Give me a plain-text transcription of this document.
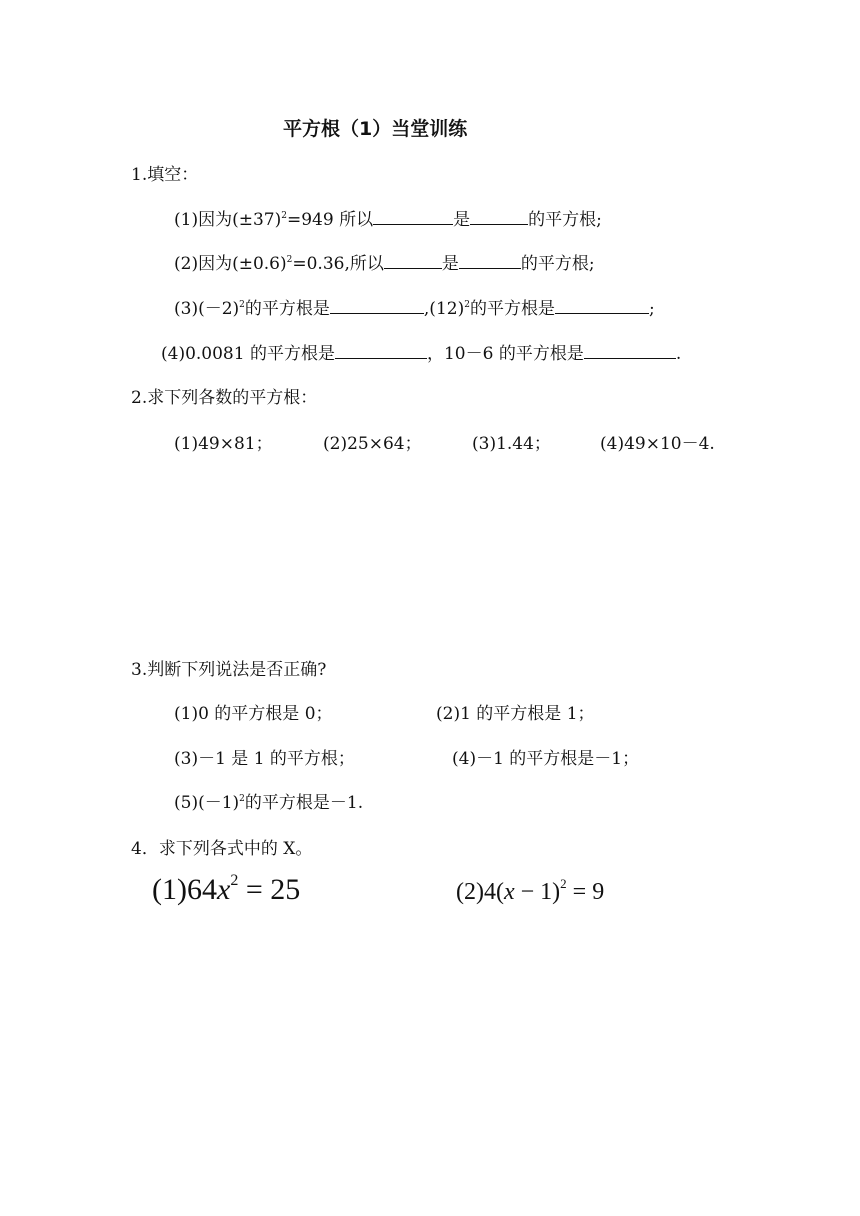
平方根（1）当堂训练
1.填空：
(1)因为$(\pm 37)^2=949$ 所以	是	的平方根;
(2)因为$(\pm 0.6)^2=0.36$,所以	是	的平方根;
$(3)(-2)^2$的平方根是	$,(12)^2$的平方根是	;
(4)0.0081 的平方根是	，10－6 的平方根是	.
2.求下列各数的平方根：
(1)49×81；	(2)25×64；	(3)1.44；	(4)49×10－4.
3.判断下列说法是否正确?
(1)0 的平方根是 0；	(2)1 的平方根是 1；
(3)－1 是 1 的平方根；	(4)－1 的平方根是－1；
$(5)(-1)^2$的平方根是－1.
4．求下列各式中的 X。
$(1)64x^2 = 25$	$(2)4(x - 1)^2 = 9$
